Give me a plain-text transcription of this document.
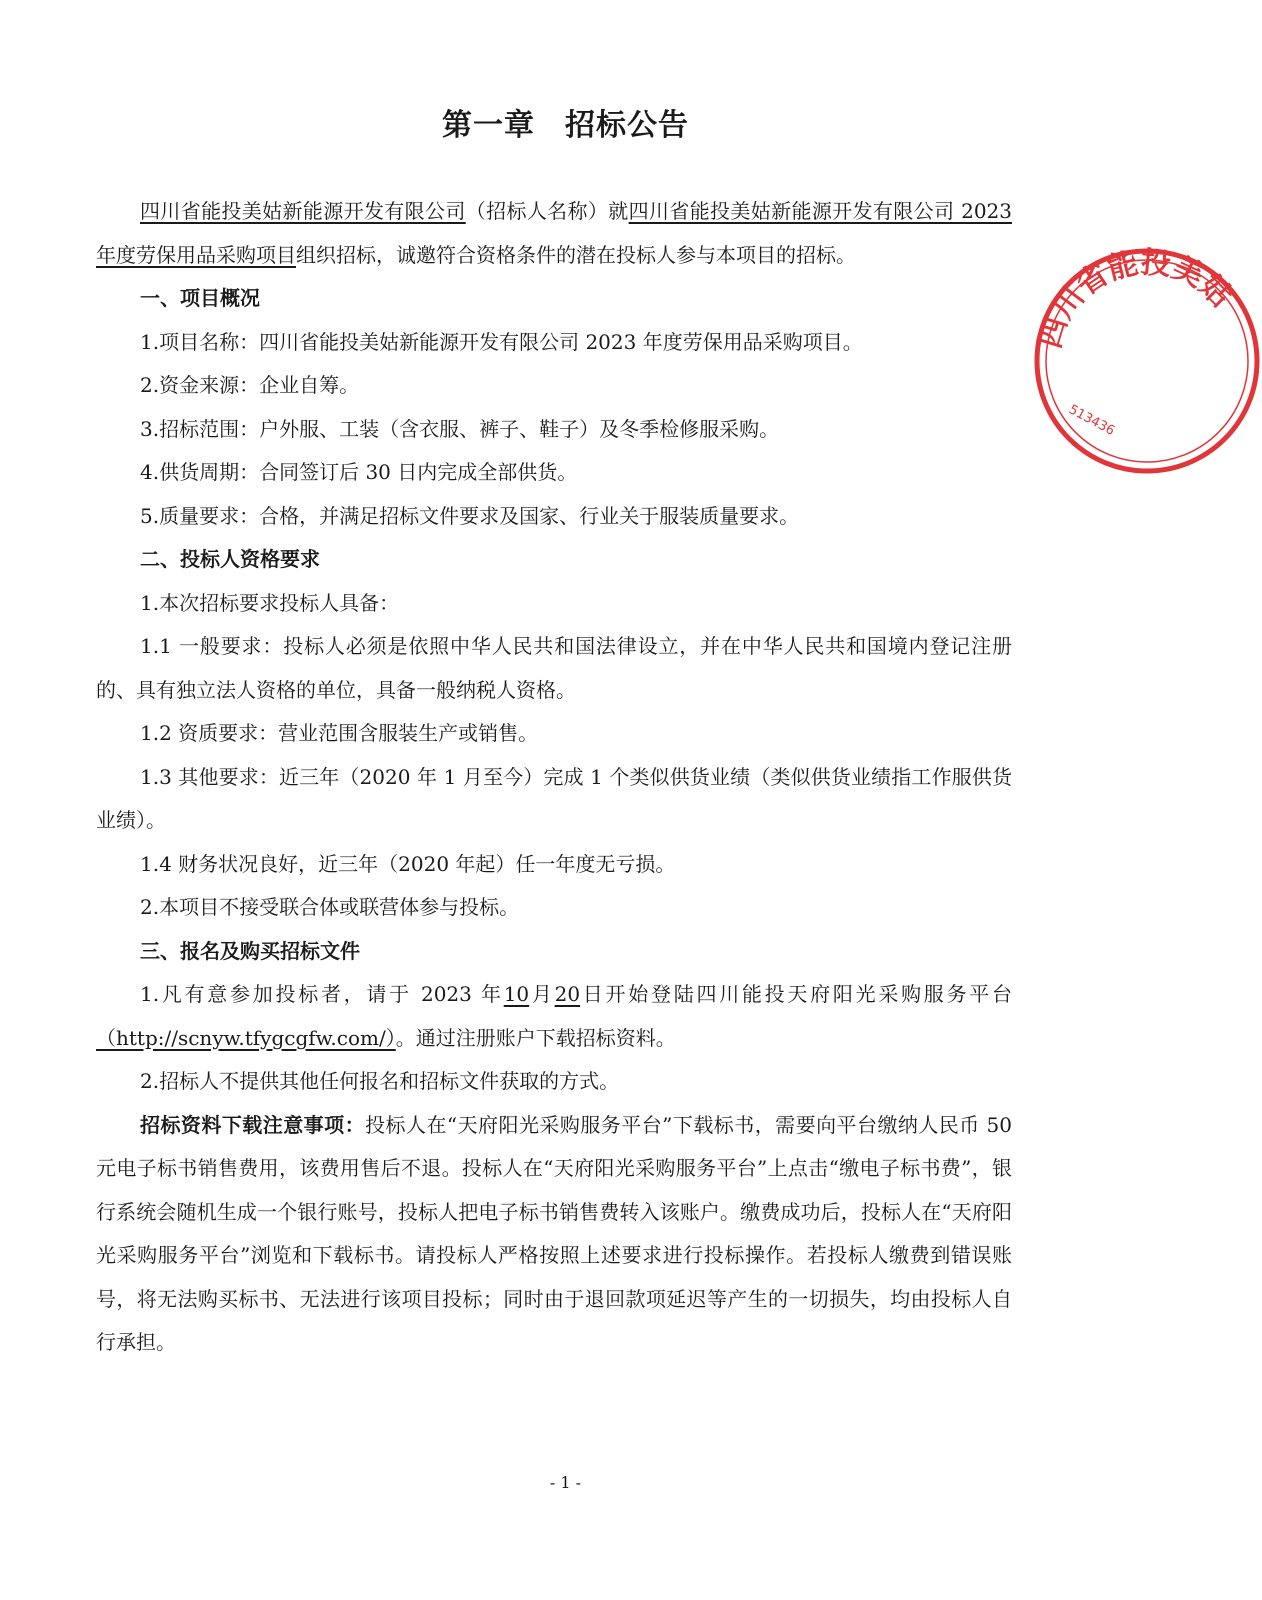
第一章 招标公告

四川省能投美姑新能源开发有限公司（招标人名称）就四川省能投美姑新能源开发有限公司 2023 年度劳保用品采购项目组织招标，诚邀符合资格条件的潜在投标人参与本项目的招标。

一、项目概况

1.项目名称：四川省能投美姑新能源开发有限公司 2023 年度劳保用品采购项目。

2.资金来源：企业自筹。

3.招标范围：户外服、工装（含衣服、裤子、鞋子）及冬季检修服采购。

4.供货周期：合同签订后 30 日内完成全部供货。

5.质量要求：合格，并满足招标文件要求及国家、行业关于服装质量要求。

二、投标人资格要求

1.本次招标要求投标人具备：

1.1 一般要求：投标人必须是依照中华人民共和国法律设立，并在中华人民共和国境内登记注册的、具有独立法人资格的单位，具备一般纳税人资格。

1.2 资质要求：营业范围含服装生产或销售。

1.3 其他要求：近三年（2020 年 1 月至今）完成 1 个类似供货业绩（类似供货业绩指工作服供货业绩）。

1.4 财务状况良好，近三年（2020 年起）任一年度无亏损。

2.本项目不接受联合体或联营体参与投标。

三、报名及购买招标文件

1.凡有意参加投标者，请于 2023 年10月20日开始登陆四川能投天府阳光采购服务平台（http://scnyw.tfygcgfw.com/）。通过注册账户下载招标资料。

2.招标人不提供其他任何报名和招标文件获取的方式。

招标资料下载注意事项：投标人在“天府阳光采购服务平台”下载标书，需要向平台缴纳人民币 50 元电子标书销售费用，该费用售后不退。投标人在“天府阳光采购服务平台”上点击“缴电子标书费”，银行系统会随机生成一个银行账号，投标人把电子标书销售费转入该账户。缴费成功后，投标人在“天府阳光采购服务平台”浏览和下载标书。请投标人严格按照上述要求进行投标操作。若投标人缴费到错误账号，将无法购买标书、无法进行该项目投标；同时由于退回款项延迟等产生的一切损失，均由投标人自行承担。

- 1 -
四川省能投美姑
513436
